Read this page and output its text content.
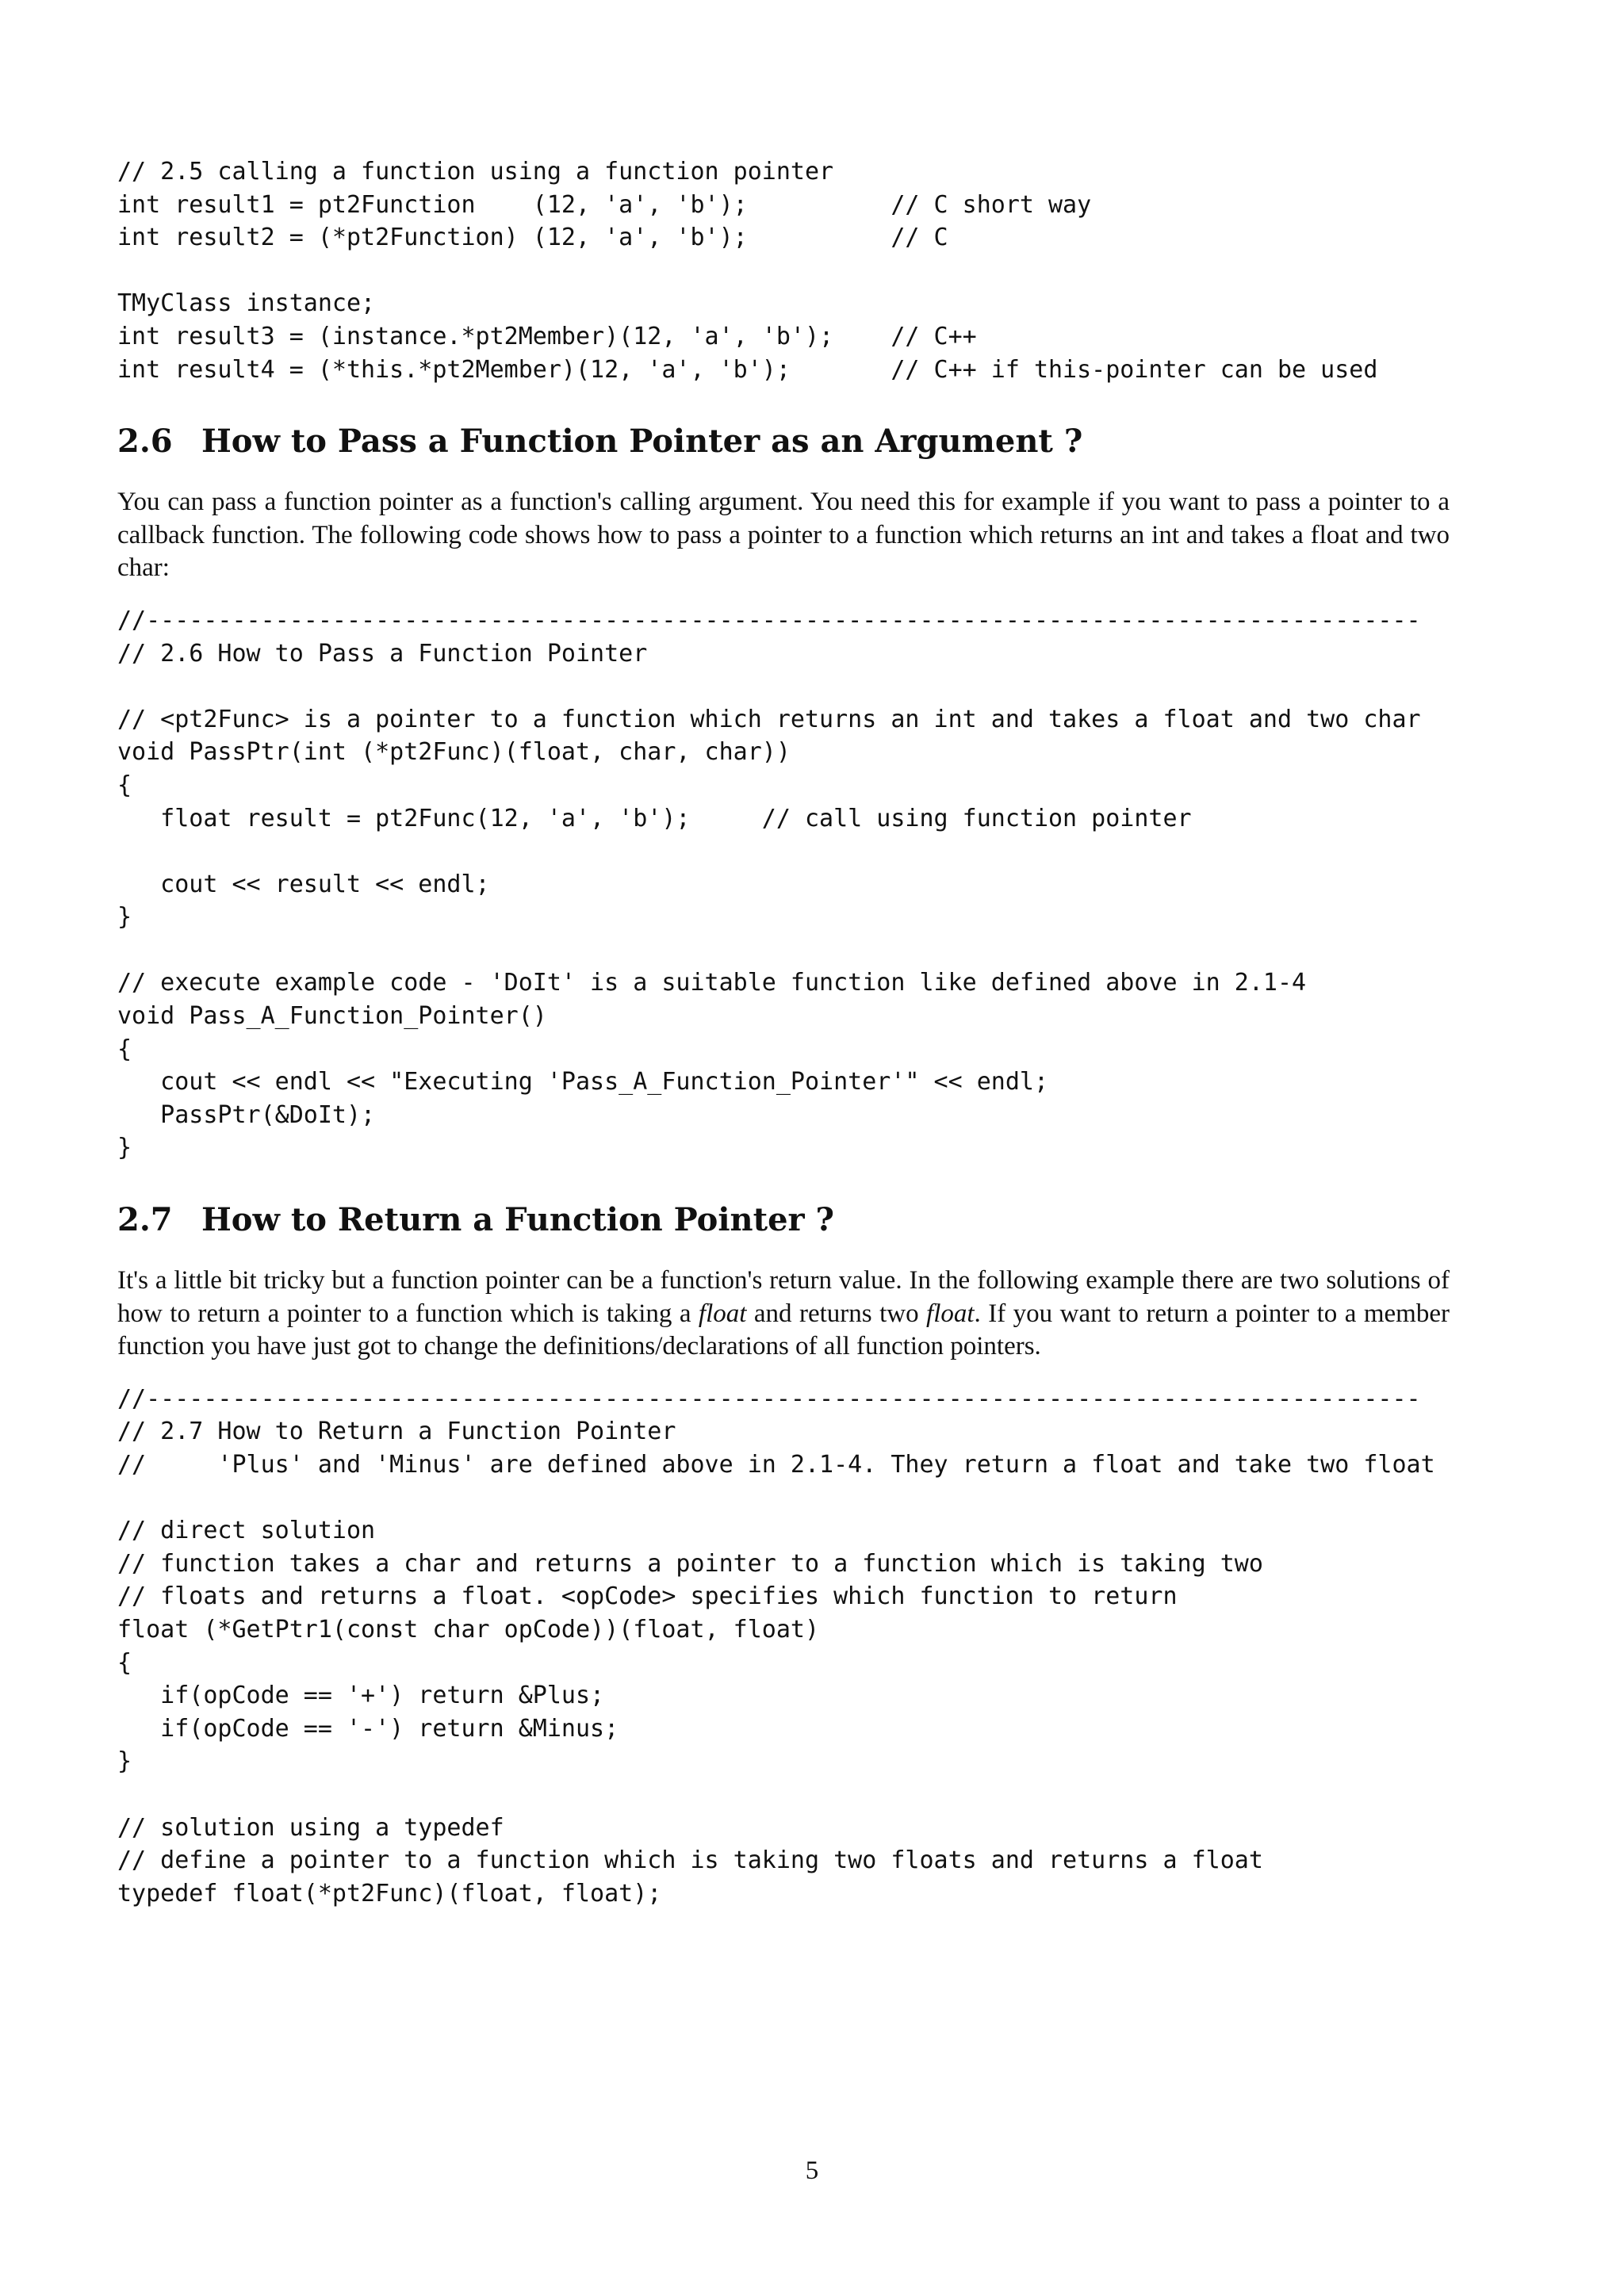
// 2.5 calling a function using a function pointer
int result1 = pt2Function    (12, 'a', 'b');          // C short way
int result2 = (*pt2Function) (12, 'a', 'b');          // C

TMyClass instance;
int result3 = (instance.*pt2Member)(12, 'a', 'b');    // C++
int result4 = (*this.*pt2Member)(12, 'a', 'b');       // C++ if this-pointer can be used
2.6 How to Pass a Function Pointer as an Argument ?

You can pass a function pointer as a function's calling argument. You need this for example if you want to pass a pointer to a callback function. The following code shows how to pass a pointer to a function which returns an int and takes a float and two char:

//-----------------------------------------------------------------------------------------
// 2.6 How to Pass a Function Pointer

// <pt2Func> is a pointer to a function which returns an int and takes a float and two char
void PassPtr(int (*pt2Func)(float, char, char))
{
float result = pt2Func(12, 'a', 'b');     // call using function pointer

cout << result << endl;
}

// execute example code - 'DoIt' is a suitable function like defined above in 2.1-4
void Pass_A_Function_Pointer()
{
cout << endl << "Executing 'Pass_A_Function_Pointer'" << endl;
PassPtr(&DoIt);
}
2.7 How to Return a Function Pointer ?

It's a little bit tricky but a function pointer can be a function's return value. In the following example there are two solutions of how to return a pointer to a function which is taking a float and returns two float. If you want to return a pointer to a member function you have just got to change the definitions/declarations of all function pointers.

//-----------------------------------------------------------------------------------------
// 2.7 How to Return a Function Pointer
//     'Plus' and 'Minus' are defined above in 2.1-4. They return a float and take two float

// direct solution
// function takes a char and returns a pointer to a function which is taking two
// floats and returns a float. <opCode> specifies which function to return
float (*GetPtr1(const char opCode))(float, float)
{
if(opCode == '+') return &Plus;
if(opCode == '-') return &Minus;
}

// solution using a typedef
// define a pointer to a function which is taking two floats and returns a float
typedef float(*pt2Func)(float, float);
5
